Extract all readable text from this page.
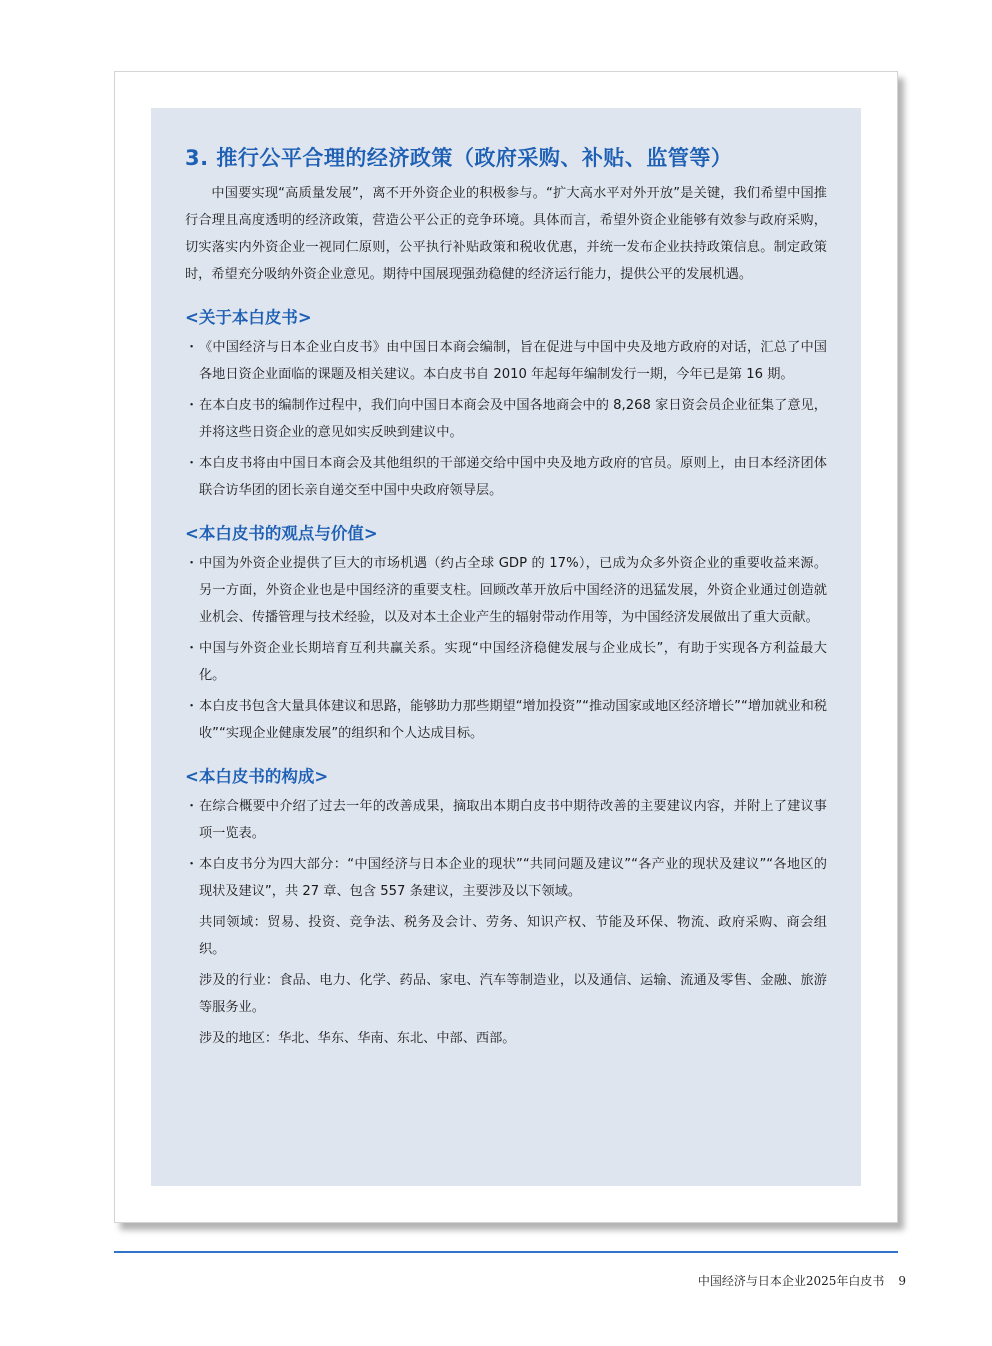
3. 推行公平合理的经济政策（政府采购、补贴、监管等）

中国要实现“高质量发展”，离不开外资企业的积极参与。“扩大高水平对外开放”是关键，我们希望中国推行合理且高度透明的经济政策，营造公平公正的竞争环境。具体而言，希望外资企业能够有效参与政府采购，切实落实内外资企业一视同仁原则，公平执行补贴政策和税收优惠，并统一发布企业扶持政策信息。制定政策时，希望充分吸纳外资企业意见。期待中国展现强劲稳健的经济运行能力，提供公平的发展机遇。

<关于本白皮书>
・ 《中国经济与日本企业白皮书》由中国日本商会编制，旨在促进与中国中央及地方政府的对话，汇总了中国各地日资企业面临的课题及相关建议。本白皮书自 2010 年起每年编制发行一期，今年已是第 16 期。
・ 在本白皮书的编制作过程中，我们向中国日本商会及中国各地商会中的 8,268 家日资会员企业征集了意见，并将这些日资企业的意见如实反映到建议中。
・ 本白皮书将由中国日本商会及其他组织的干部递交给中国中央及地方政府的官员。原则上，由日本经济团体联合访华团的团长亲自递交至中国中央政府领导层。
<本白皮书的观点与价值>
・ 中国为外资企业提供了巨大的市场机遇（约占全球 GDP 的 17%），已成为众多外资企业的重要收益来源。另一方面，外资企业也是中国经济的重要支柱。回顾改革开放后中国经济的迅猛发展，外资企业通过创造就业机会、传播管理与技术经验，以及对本土企业产生的辐射带动作用等，为中国经济发展做出了重大贡献。
・ 中国与外资企业长期培育互利共赢关系。实现“中国经济稳健发展与企业成长”，有助于实现各方利益最大化。
・ 本白皮书包含大量具体建议和思路，能够助力那些期望“增加投资”“推动国家或地区经济增长”“增加就业和税收”“实现企业健康发展”的组织和个人达成目标。
<本白皮书的构成>
・ 在综合概要中介绍了过去一年的改善成果，摘取出本期白皮书中期待改善的主要建议内容，并附上了建议事项一览表。
・ 本白皮书分为四大部分：“中国经济与日本企业的现状”“共同问题及建议”“各产业的现状及建议”“各地区的现状及建议”，共 27 章、包含 557 条建议，主要涉及以下领域。

共同领域：贸易、投资、竞争法、税务及会计、劳务、知识产权、节能及环保、物流、政府采购、商会组织。

涉及的行业：食品、电力、化学、药品、家电、汽车等制造业，以及通信、运输、流通及零售、金融、旅游等服务业。

涉及的地区：华北、华东、华南、东北、中部、西部。

中国经济与日本企业2025年白皮书 9
